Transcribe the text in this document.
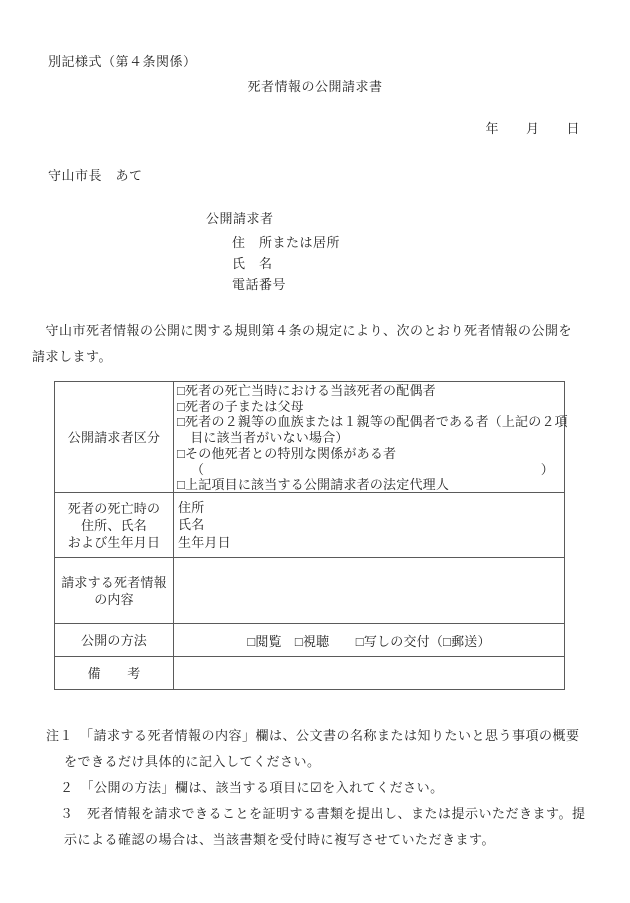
別記様式（第４条関係）
死者情報の公開請求書
年　　月　　日
守山市長　あて
公開請求者
住　所または居所
氏　名
電話番号
　守山市死者情報の公開に関する規則第４条の規定により、次のとおり死者情報の公開を
請求します。
公開請求者区分
□死者の死亡当時における当該死者の配偶者
□死者の子または父母
□死者の２親等の血族または１親等の配偶者である者（上記の２項
　目に該当者がいない場合）
□その他死者との特別な関係がある者
（	）
□上記項目に該当する公開請求者の法定代理人
死者の死亡時の
住所、氏名
および生年月日
住所
氏名
生年月日
請求する死者情報
の内容
公開の方法	□閲覧　□視聴　　□写しの交付（□郵送）
備　　考
注１　「請求する死者情報の内容」欄は、公文書の名称または知りたいと思う事項の概要
をできるだけ具体的に記入してください。
２　「公開の方法」欄は、該当する項目に☑を入れてください。
３　死者情報を請求できることを証明する書類を提出し、または提示いただきます。提
示による確認の場合は、当該書類を受付時に複写させていただきます。
